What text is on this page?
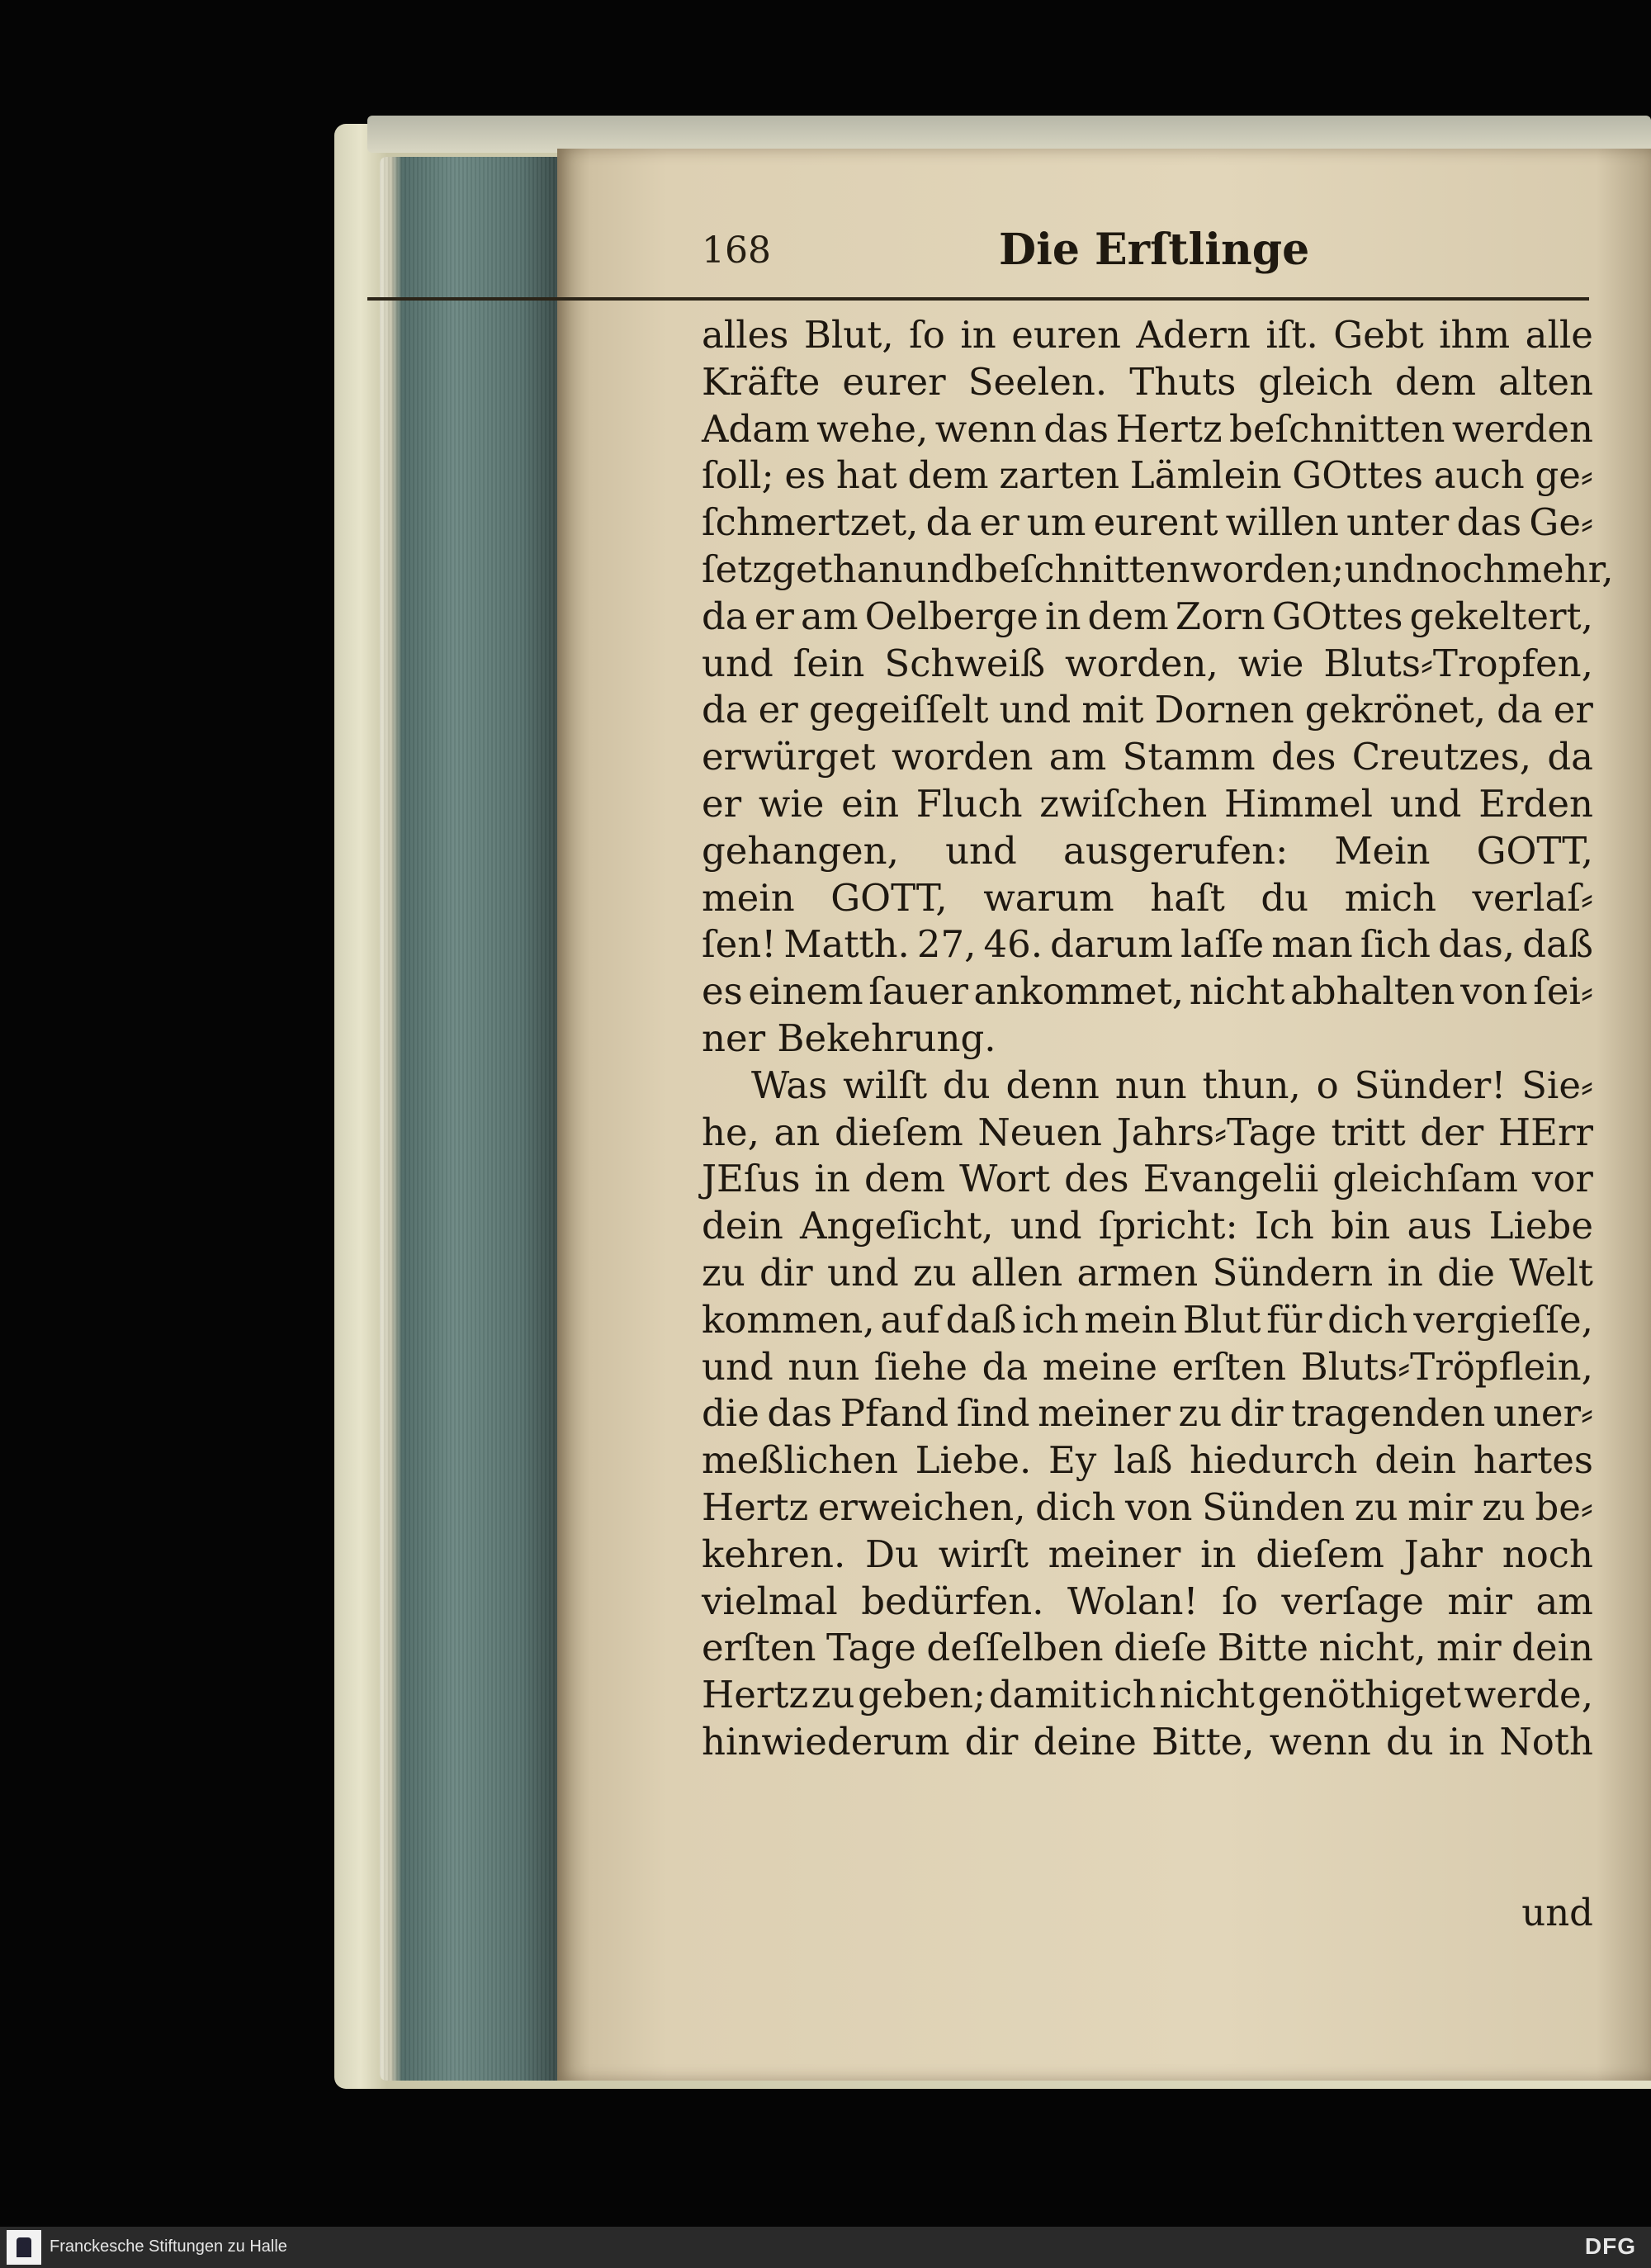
168	Die Erſtlinge
alles Blut, ſo in euren Adern iſt. Gebt ihm alle
Kräfte eurer Seelen. Thuts gleich dem alten
Adam wehe, wenn das Hertz beſchnitten werden
ſoll; es hat dem zarten Lämlein GOttes auch ge⸗
ſchmertzet, da er um eurent willen unter das Ge⸗
ſetz gethan und beſchnitten worden; und noch mehr,
da er am Oelberge in dem Zorn GOttes gekeltert,
und ſein Schweiß worden, wie Bluts⸗Tropfen,
da er gegeiſſelt und mit Dornen gekrönet, da er
erwürget worden am Stamm des Creutzes, da
er wie ein Fluch zwiſchen Himmel und Erden
gehangen, und ausgerufen: Mein GOTT,
mein GOTT, warum haſt du mich verlaſ⸗
ſen! Matth. 27, 46. darum laſſe man ſich das, daß
es einem ſauer ankommet, nicht abhalten von ſei⸗
ner Bekehrung.
Was wilſt du denn nun thun, o Sünder! Sie⸗
he, an dieſem Neuen Jahrs⸗Tage tritt der HErr
JEſus in dem Wort des Evangelii gleichſam vor
dein Angeſicht, und ſpricht: Ich bin aus Liebe
zu dir und zu allen armen Sündern in die Welt
kommen, auf daß ich mein Blut für dich vergieſſe,
und nun ſiehe da meine erſten Bluts⸗Tröpflein,
die das Pfand ſind meiner zu dir tragenden uner⸗
meßlichen Liebe. Ey laß hiedurch dein hartes
Hertz erweichen, dich von Sünden zu mir zu be⸗
kehren. Du wirſt meiner in dieſem Jahr noch
vielmal bedürfen. Wolan! ſo verſage mir am
erſten Tage deſſelben dieſe Bitte nicht, mir dein
Hertz zu geben; damit ich nicht genöthiget werde,
hinwiederum dir deine Bitte, wenn du in Noth
und
Franckesche Stiftungen zu Halle	DFG
